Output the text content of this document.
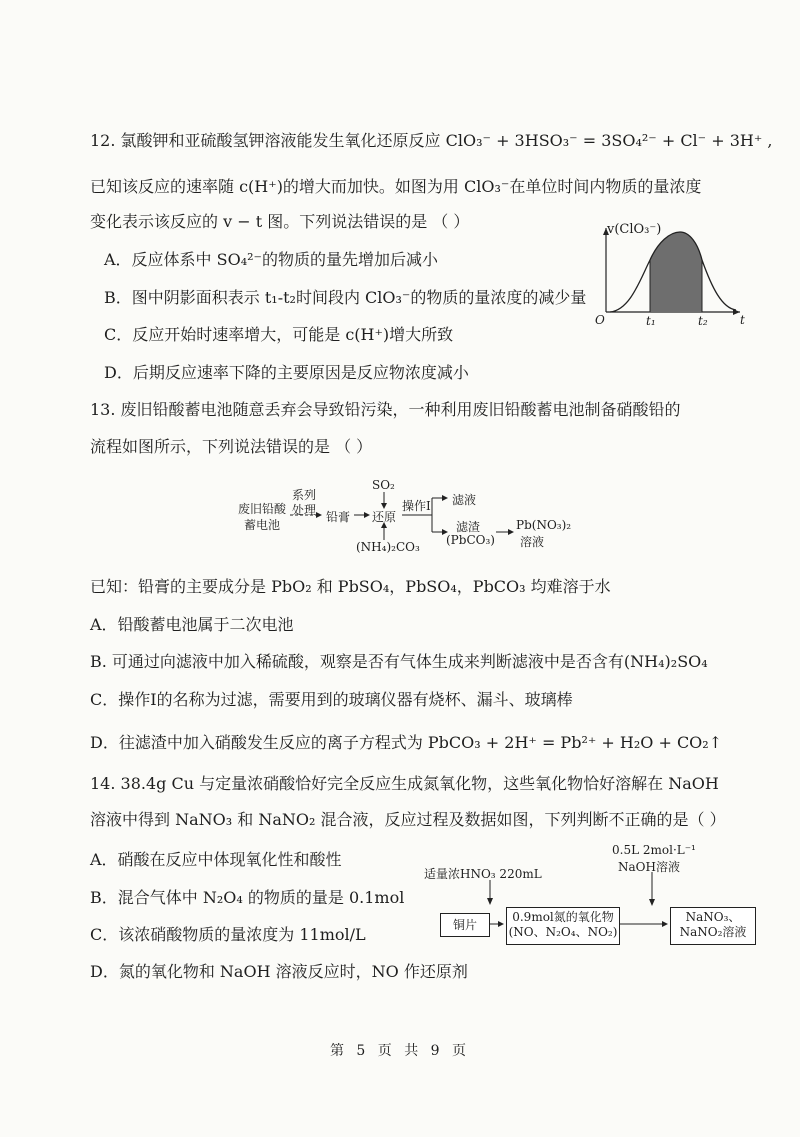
12. 氯酸钾和亚硫酸氢钾溶液能发生氧化还原反应 ClO₃⁻ + 3HSO₃⁻ = 3SO₄²⁻ + Cl⁻ + 3H⁺ ,
已知该反应的速率随 c(H⁺)的增大而加快。如图为用 ClO₃⁻在单位时间内物质的量浓度
变化表示该反应的 v − t 图。下列说法错误的是 （ ）
A．反应体系中 SO₄²⁻的物质的量先增加后减小
B．图中阴影面积表示 t₁-t₂时间段内 ClO₃⁻的物质的量浓度的减少量
C．反应开始时速率增大，可能是 c(H⁺)增大所致
D．后期反应速率下降的主要原因是反应物浓度减小
v(ClO₃⁻)
O	t₁	t₂	t
13. 废旧铅酸蓄电池随意丢弃会导致铅污染，一种利用废旧铅酸蓄电池制备硝酸铅的
流程如图所示，下列说法错误的是 （ ）
废旧铅酸
蓄电池
系列
处理 铅膏
SO₂
还原
(NH₄)₂CO₃
操作Ⅰ 滤液
滤渣
(PbCO₃)
Pb(NO₃)₂
溶液
已知：铅膏的主要成分是 PbO₂ 和 PbSO₄，PbSO₄，PbCO₃ 均难溶于水
A．铅酸蓄电池属于二次电池
B. 可通过向滤液中加入稀硫酸，观察是否有气体生成来判断滤液中是否含有(NH₄)₂SO₄
C．操作Ⅰ的名称为过滤，需要用到的玻璃仪器有烧杯、漏斗、玻璃棒
D．往滤渣中加入硝酸发生反应的离子方程式为 PbCO₃ + 2H⁺ = Pb²⁺ + H₂O + CO₂↑
14. 38.4g Cu 与定量浓硝酸恰好完全反应生成氮氧化物，这些氧化物恰好溶解在 NaOH
溶液中得到 NaNO₃ 和 NaNO₂ 混合液，反应过程及数据如图，下列判断不正确的是（ ）
A．硝酸在反应中体现氧化性和酸性
B．混合气体中 N₂O₄ 的物质的量是 0.1mol
C．该浓硝酸物质的量浓度为 11mol/L
D．氮的氧化物和 NaOH 溶液反应时，NO 作还原剂
适量浓HNO₃ 220mL
0.5L 2mol·L⁻¹
NaOH溶液
铜片
0.9mol氮的氧化物
(NO、N₂O₄、NO₂)
NaNO₃、
NaNO₂溶液
第 5 页 共 9 页
